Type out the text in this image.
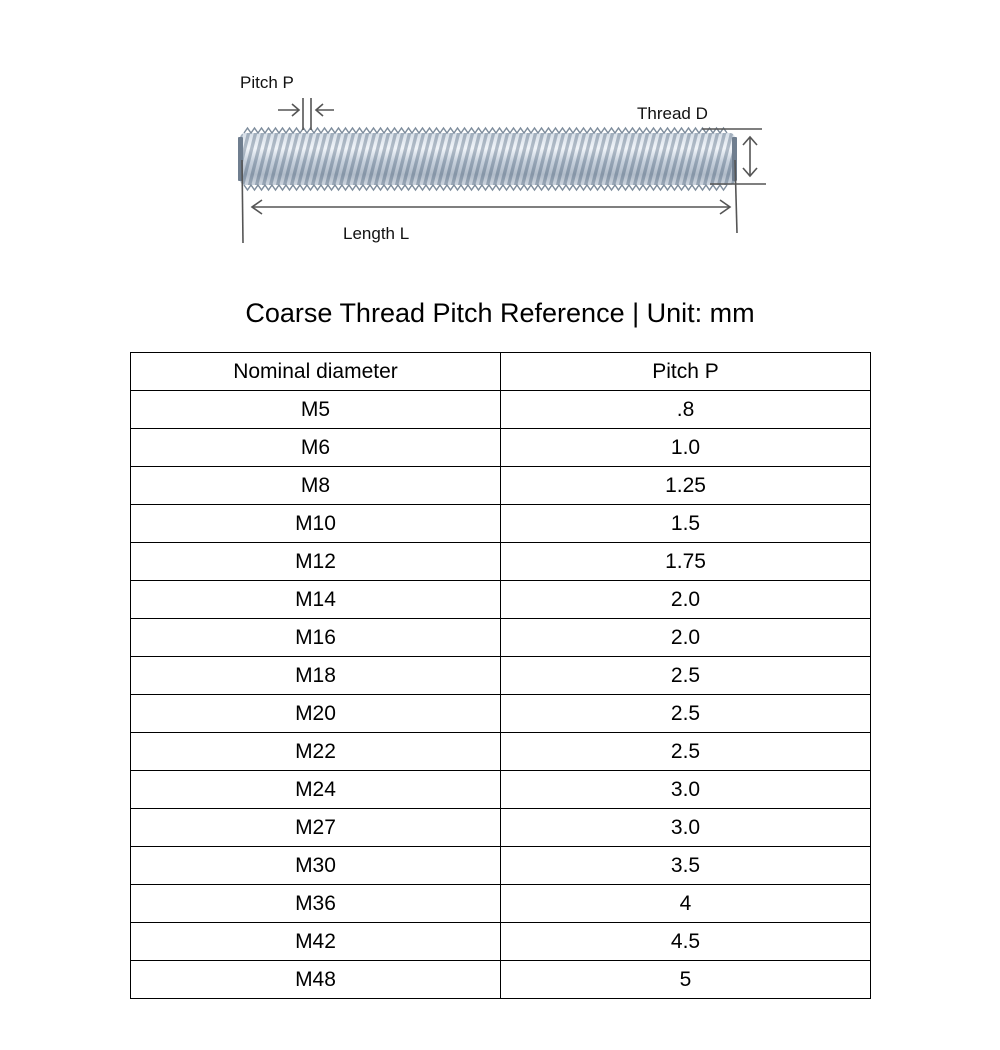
Pitch P
Thread D
Length L
Coarse Thread Pitch Reference | Unit: mm
Nominal diameter	Pitch P
M5	.8
M6	1.0
M8	1.25
M10	1.5
M12	1.75
M14	2.0
M16	2.0
M18	2.5
M20	2.5
M22	2.5
M24	3.0
M27	3.0
M30	3.5
M36	4
M42	4.5
M48	5
